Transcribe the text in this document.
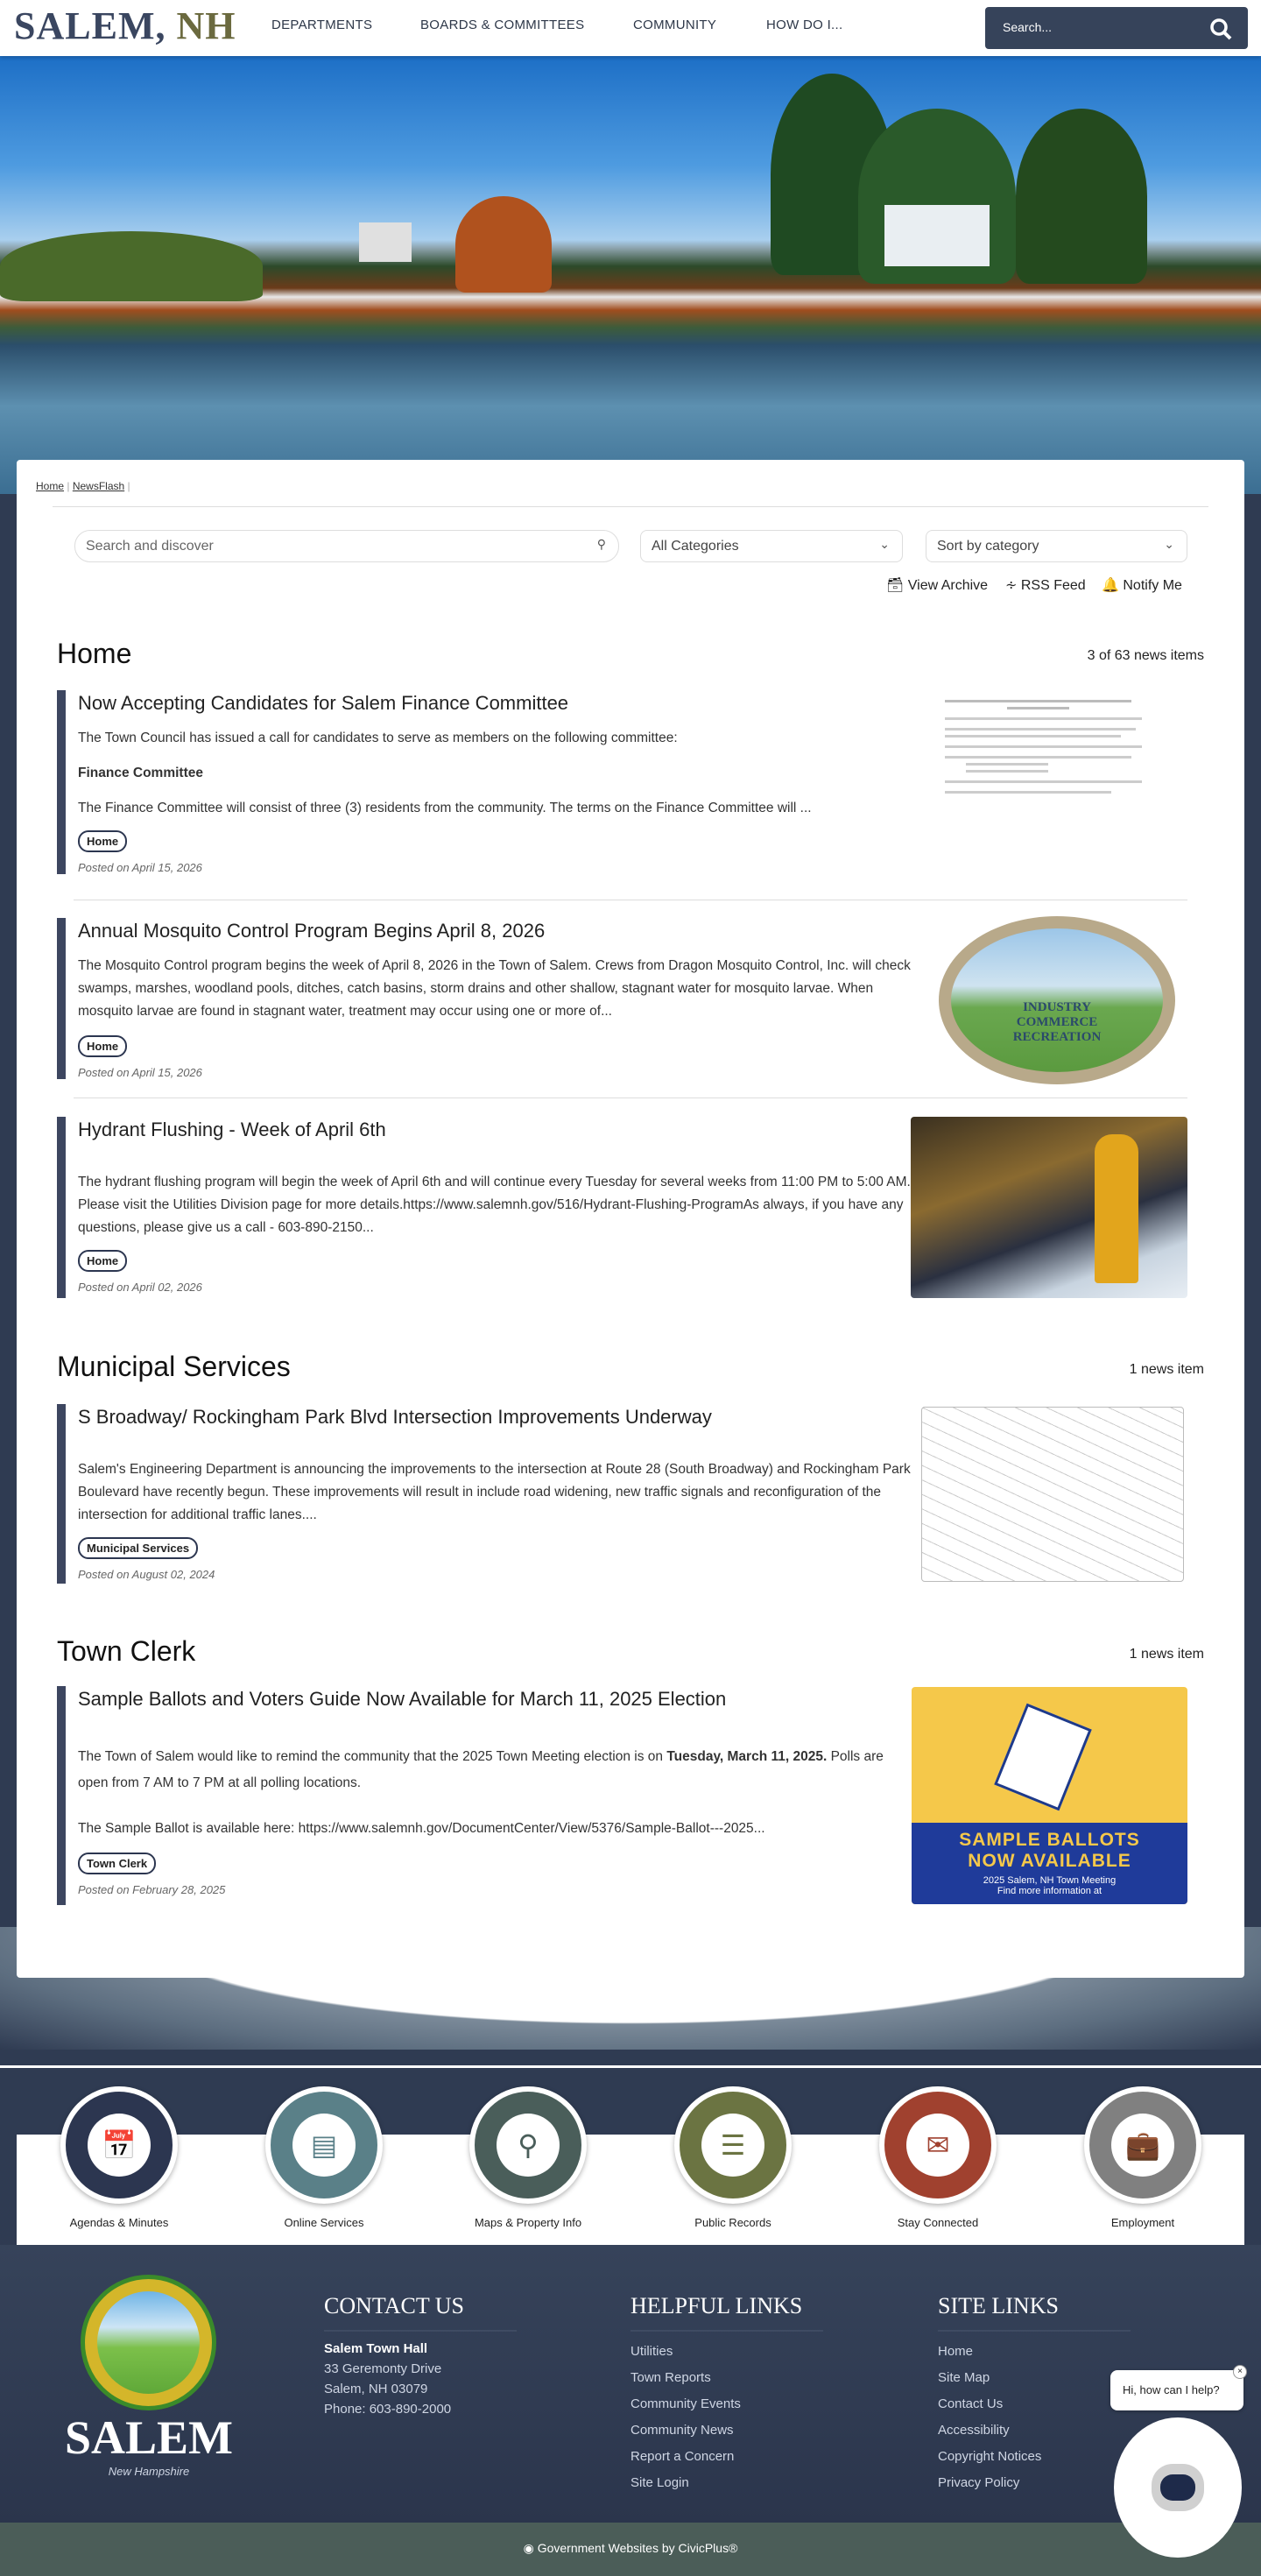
SALEM, NH	DEPARTMENTS	BOARDS & COMMITTEES	COMMUNITY	HOW DO I...	Search...
Home | NewsFlash |
Search and discover	⚲	All Categories	⌄	Sort by category	⌄
🗃 View Archive ∻ RSS Feed 🔔 Notify Me
Home	3 of 63 news items
Now Accepting Candidates for Salem Finance Committee

The Town Council has issued a call for candidates to serve as members on the following committee:

Finance Committee

The Finance Committee will consist of three (3) residents from the community. The terms on the Finance Committee will ...

Home
Posted on April 15, 2026
Annual Mosquito Control Program Begins April 8, 2026

The Mosquito Control program begins the week of April 8, 2026 in the Town of Salem. Crews from Dragon Mosquito Control, Inc. will check swamps, marshes, woodland pools, ditches, catch basins, storm drains and other shallow, stagnant water for mosquito larvae. When mosquito larvae are found in stagnant water, treatment may occur using one or more of...

Home
Posted on April 15, 2026
INDUSTRY COMMERCE RECREATION
Hydrant Flushing - Week of April 6th

The hydrant flushing program will begin the week of April 6th and will continue every Tuesday for several weeks from 11:00 PM to 5:00 AM. Please visit the Utilities Division page for more details.https://www.salemnh.gov/516/Hydrant-Flushing-ProgramAs always, if you have any questions, please give us a call - 603-890-2150...

Home
Posted on April 02, 2026
Municipal Services	1 news item
S Broadway/ Rockingham Park Blvd Intersection Improvements Underway

Salem's Engineering Department is announcing the improvements to the intersection at Route 28 (South Broadway) and Rockingham Park Boulevard have recently begun. These improvements will result in include road widening, new traffic signals and reconfiguration of the intersection for additional traffic lanes....

Municipal Services
Posted on August 02, 2024
Town Clerk	1 news item
Sample Ballots and Voters Guide Now Available for March 11, 2025 Election

The Town of Salem would like to remind the community that the 2025 Town Meeting election is on Tuesday, March 11, 2025. Polls are open from 7 AM to 7 PM at all polling locations.

The Sample Ballot is available here: https://www.salemnh.gov/DocumentCenter/View/5376/Sample-Ballot---2025...

Town Clerk
Posted on February 28, 2025
SAMPLE BALLOTS
NOW AVAILABLE
2025 Salem, NH Town Meeting
Find more information at
📅
Agendas & Minutes
▤
Online Services
⚲
Maps & Property Info
☰
Public Records
✉
Stay Connected
💼
Employment
SALEM
New Hampshire
CONTACT US
Salem Town Hall
33 Geremonty Drive
Salem, NH 03079
Phone: 603-890-2000
HELPFUL LINKS
Utilities
Town Reports
Community Events
Community News
Report a Concern
Site Login
SITE LINKS
Home
Site Map
Contact Us
Accessibility
Copyright Notices
Privacy Policy
◉ Government Websites by CivicPlus®
Hi, how can I help?
×
